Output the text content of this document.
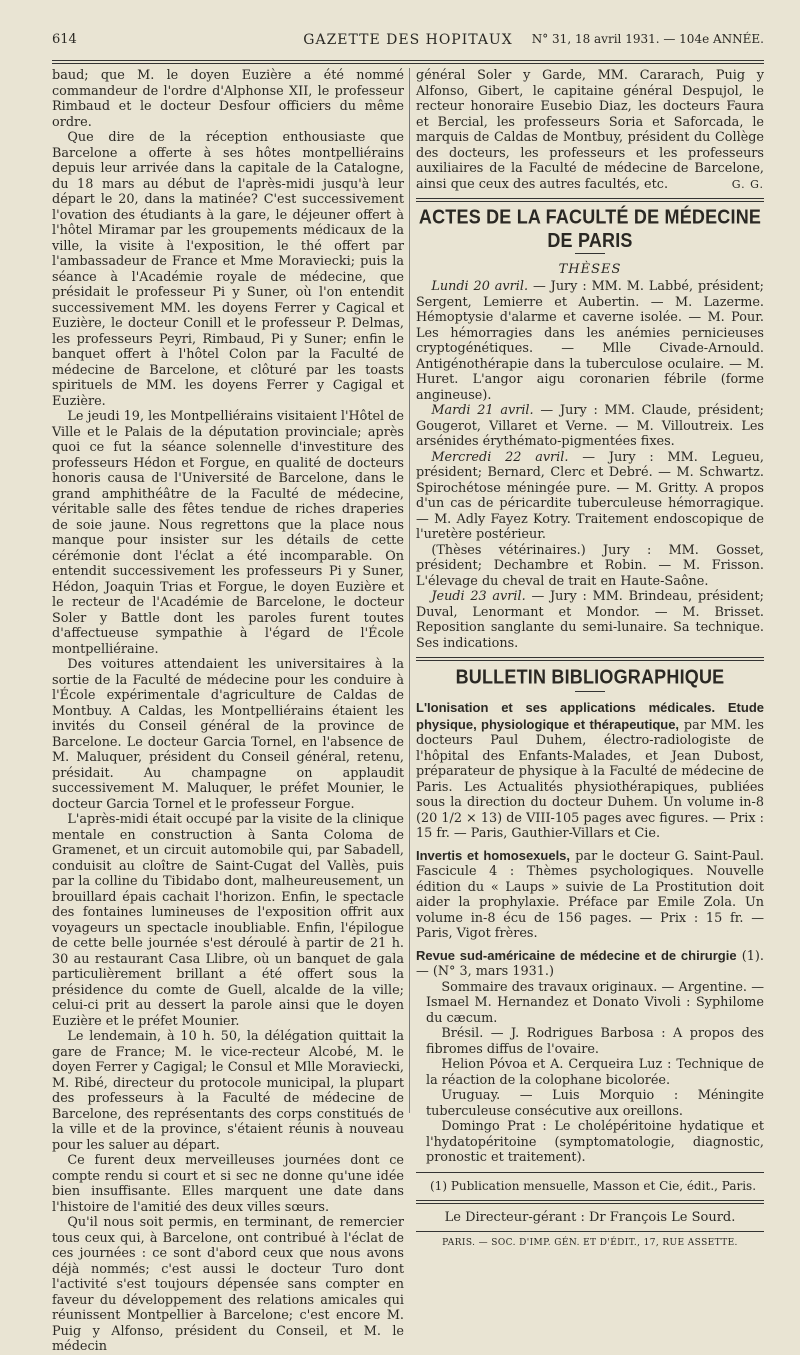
614	GAZETTE DES HOPITAUX	N° 31, 18 avril 1931. — 104e ANNÉE.

baud; que M. le doyen Euzière a été nommé commandeur de l'ordre d'Alphonse XII, le professeur Rimbaud et le docteur Desfour officiers du même ordre.

Que dire de la réception enthousiaste que Barcelone a offerte à ses hôtes montpelliérains depuis leur arrivée dans la capitale de la Catalogne, du 18 mars au début de l'après-midi jusqu'à leur départ le 20, dans la matinée? C'est successivement l'ovation des étudiants à la gare, le déjeuner offert à l'hôtel Miramar par les groupements médicaux de la ville, la visite à l'exposition, le thé offert par l'ambassadeur de France et Mme Moraviecki; puis la séance à l'Académie royale de médecine, que présidait le professeur Pi y Suner, où l'on entendit successivement MM. les doyens Ferrer y Cagical et Euzière, le docteur Conill et le professeur P. Delmas, les professeurs Peyri, Rimbaud, Pi y Suner; enfin le banquet offert à l'hôtel Colon par la Faculté de médecine de Barcelone, et clôturé par les toasts spirituels de MM. les doyens Ferrer y Cagigal et Euzière.

Le jeudi 19, les Montpelliérains visitaient l'Hôtel de Ville et le Palais de la députation provinciale; après quoi ce fut la séance solennelle d'investiture des professeurs Hédon et Forgue, en qualité de docteurs honoris causa de l'Université de Barcelone, dans le grand amphithéâtre de la Faculté de médecine, véritable salle des fêtes tendue de riches draperies de soie jaune. Nous regrettons que la place nous manque pour insister sur les détails de cette cérémonie dont l'éclat a été incomparable. On entendit successivement les professeurs Pi y Suner, Hédon, Joaquin Trias et Forgue, le doyen Euzière et le recteur de l'Académie de Barcelone, le docteur Soler y Battle dont les paroles furent toutes d'affectueuse sympathie à l'égard de l'École montpelliéraine.

Des voitures attendaient les universitaires à la sortie de la Faculté de médecine pour les conduire à l'École expérimentale d'agriculture de Caldas de Montbuy. A Caldas, les Montpelliérains étaient les invités du Conseil général de la province de Barcelone. Le docteur Garcia Tornel, en l'absence de M. Maluquer, président du Conseil général, retenu, présidait. Au champagne on applaudit successivement M. Maluquer, le préfet Mounier, le docteur Garcia Tornel et le professeur Forgue.

L'après-midi était occupé par la visite de la clinique mentale en construction à Santa Coloma de Gramenet, et un circuit automobile qui, par Sabadell, conduisit au cloître de Saint-Cugat del Vallès, puis par la colline du Tibidabo dont, malheureusement, un brouillard épais cachait l'horizon. Enfin, le spectacle des fontaines lumineuses de l'exposition offrit aux voyageurs un spectacle inoubliable. Enfin, l'épilogue de cette belle journée s'est déroulé à partir de 21 h. 30 au restaurant Casa Llibre, où un banquet de gala particulièrement brillant a été offert sous la présidence du comte de Guell, alcalde de la ville; celui-ci prit au dessert la parole ainsi que le doyen Euzière et le préfet Mounier.

Le lendemain, à 10 h. 50, la délégation quittait la gare de France; M. le vice-recteur Alcobé, M. le doyen Ferrer y Cagigal; le Consul et Mlle Moraviecki, M. Ribé, directeur du protocole municipal, la plupart des professeurs à la Faculté de médecine de Barcelone, des représentants des corps constitués de la ville et de la province, s'étaient réunis à nouveau pour les saluer au départ.

Ce furent deux merveilleuses journées dont ce compte rendu si court et si sec ne donne qu'une idée bien insuffisante. Elles marquent une date dans l'histoire de l'amitié des deux villes sœurs.

Qu'il nous soit permis, en terminant, de remercier tous ceux qui, à Barcelone, ont contribué à l'éclat de ces journées : ce sont d'abord ceux que nous avons déjà nommés; c'est aussi le docteur Turo dont l'activité s'est toujours dépensée sans compter en faveur du développement des relations amicales qui réunissent Montpellier à Barcelone; c'est encore M. Puig y Alfonso, président du Conseil, et M. le médecin

général Soler y Garde, MM. Cararach, Puig y Alfonso, Gibert, le capitaine général Despujol, le recteur honoraire Eusebio Diaz, les docteurs Faura et Bercial, les professeurs Soria et Saforcada, le marquis de Caldas de Montbuy, président du Collège des docteurs, les professeurs et les professeurs auxiliaires de la Faculté de médecine de Barcelone, ainsi que ceux des autres facultés, etc.	G. G.

ACTES DE LA FACULTÉ DE MÉDECINE DE PARIS
THÈSES

Lundi 20 avril. — Jury : MM. M. Labbé, président; Sergent, Lemierre et Aubertin. — M. Lazerme. Hémoptysie d'alarme et caverne isolée. — M. Pour. Les hémorragies dans les anémies pernicieuses cryptogénétiques. — Mlle Civade-Arnould. Antigénothérapie dans la tuberculose oculaire. — M. Huret. L'angor aigu coronarien fébrile (forme angineuse).

Mardi 21 avril. — Jury : MM. Claude, président; Gougerot, Villaret et Verne. — M. Villoutreix. Les arsénides érythémato-pigmentées fixes.

Mercredi 22 avril. — Jury : MM. Legueu, président; Bernard, Clerc et Debré. — M. Schwartz. Spirochétose méningée pure. — M. Gritty. A propos d'un cas de péricardite tuberculeuse hémorragique. — M. Adly Fayez Kotry. Traitement endoscopique de l'uretère postérieur.

(Thèses vétérinaires.) Jury : MM. Gosset, président; Dechambre et Robin. — M. Frisson. L'élevage du cheval de trait en Haute-Saône.

Jeudi 23 avril. — Jury : MM. Brindeau, président; Duval, Lenormant et Mondor. — M. Brisset. Reposition sanglante du semi-lunaire. Sa technique. Ses indications.

BULLETIN BIBLIOGRAPHIQUE

L'Ionisation et ses applications médicales. Etude physique, physiologique et thérapeutique, par MM. les docteurs Paul Duhem, électro-radiologiste de l'hôpital des Enfants-Malades, et Jean Dubost, préparateur de physique à la Faculté de médecine de Paris. Les Actualités physiothérapiques, publiées sous la direction du docteur Duhem. Un volume in-8 (20 1/2 × 13) de VIII-105 pages avec figures. — Prix : 15 fr. — Paris, Gauthier-Villars et Cie.

Invertis et homosexuels, par le docteur G. Saint-Paul. Fascicule 4 : Thèmes psychologiques. Nouvelle édition du « Laups » suivie de La Prostitution doit aider la prophylaxie. Préface par Emile Zola. Un volume in-8 écu de 156 pages. — Prix : 15 fr. — Paris, Vigot frères.

Revue sud-américaine de médecine et de chirurgie (1). — (N° 3, mars 1931.)

Sommaire des travaux originaux. — Argentine. — Ismael M. Hernandez et Donato Vivoli : Syphilome du cæcum.

Brésil. — J. Rodrigues Barbosa : A propos des fibromes diffus de l'ovaire.

Helion Póvoa et A. Cerqueira Luz : Technique de la réaction de la colophane bicolorée.

Uruguay. — Luis Morquio : Méningite tuberculeuse consécutive aux oreillons.

Domingo Prat : Le cholépéritoine hydatique et l'hydatopéritoine (symptomatologie, diagnostic, pronostic et traitement).

(1) Publication mensuelle, Masson et Cie, édit., Paris.
Le Directeur-gérant : Dr François Le Sourd.
PARIS. — SOC. D'IMP. GÉN. ET D'ÉDIT., 17, RUE ASSETTE.
